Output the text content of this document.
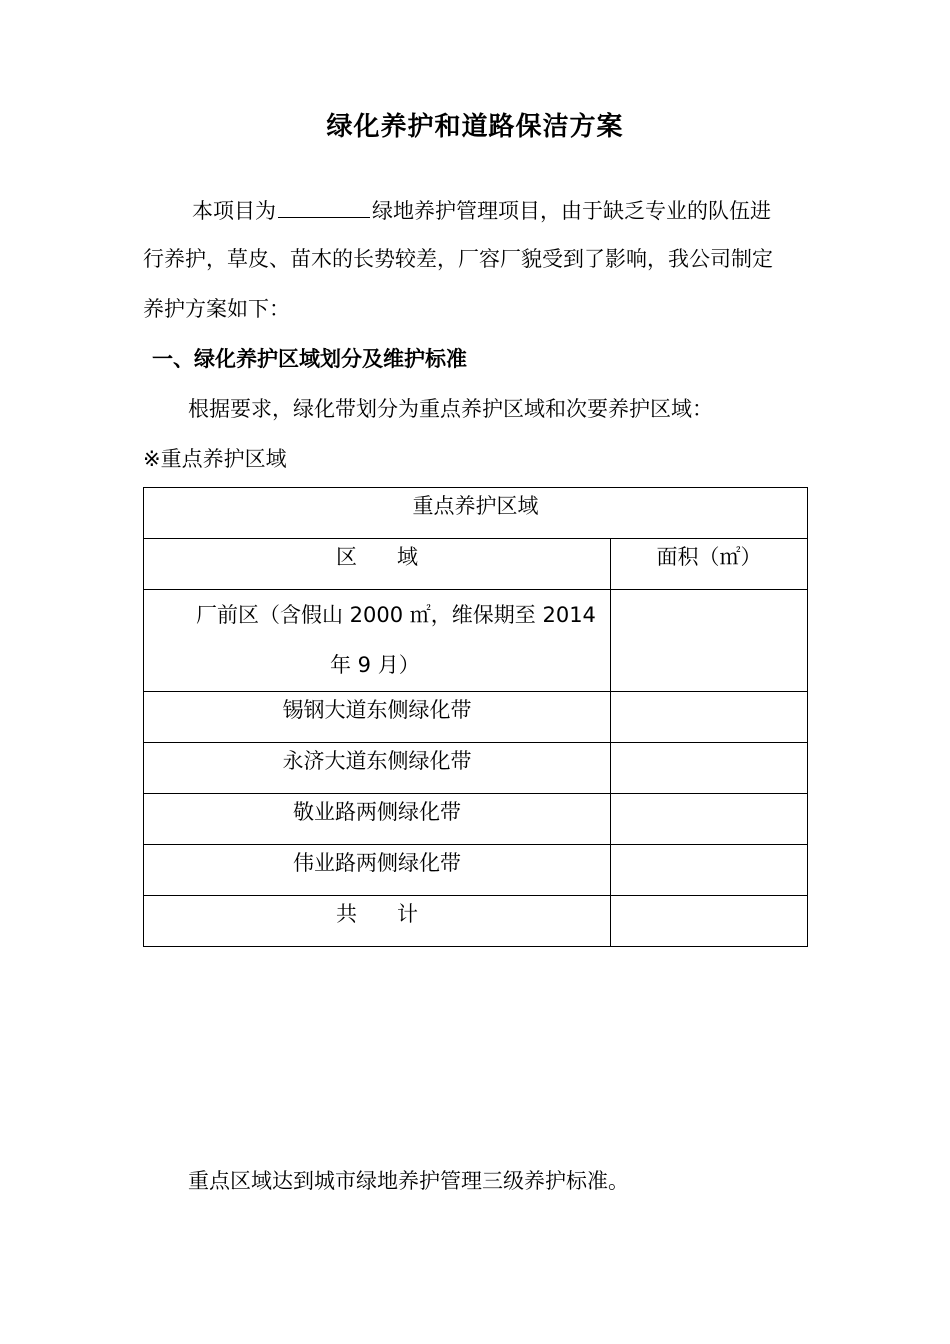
绿化养护和道路保洁方案
本项目为	绿地养护管理项目，由于缺乏专业的队伍进
行养护，草皮、苗木的长势较差，厂容厂貌受到了影响，我公司制定
养护方案如下：
一、绿化养护区域划分及维护标准
根据要求，绿化带划分为重点养护区域和次要养护区域：
※重点养护区域
重点养护区域	
区      域	面积（㎡）

厂前区（含假山 2000 ㎡，维保期至 2014
年 9 月）	

锡钢大道东侧绿化带	
永济大道东侧绿化带	
敬业路两侧绿化带	
伟业路两侧绿化带	
共      计	
重点区域达到城市绿地养护管理三级养护标准。
